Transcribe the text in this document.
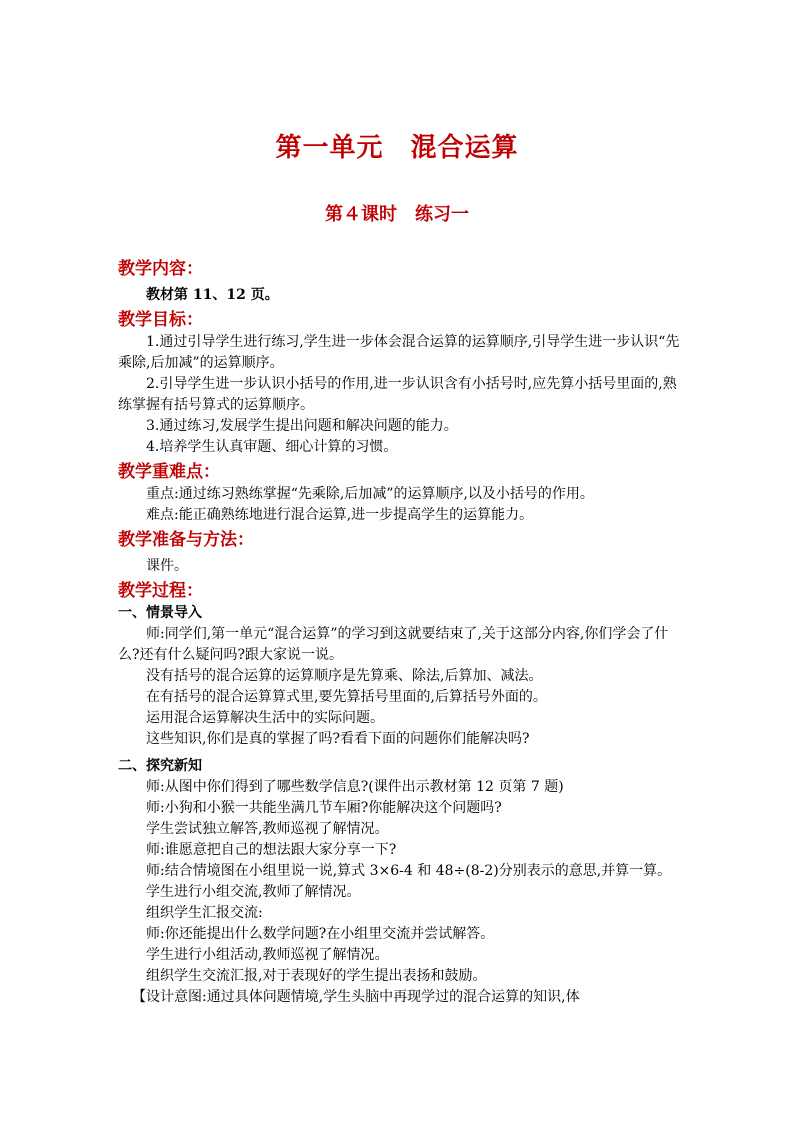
第一单元　混合运算
第４课时　练习一
教学内容：

教材第 11、12 页。

教学目标：

1.通过引导学生进行练习,学生进一步体会混合运算的运算顺序,引导学生进一步认识“先乘除,后加减”的运算顺序。

2.引导学生进一步认识小括号的作用,进一步认识含有小括号时,应先算小括号里面的,熟练掌握有括号算式的运算顺序。

3.通过练习,发展学生提出问题和解决问题的能力。

4.培养学生认真审题、细心计算的习惯。

教学重难点：

重点:通过练习熟练掌握“先乘除,后加减”的运算顺序,以及小括号的作用。

难点:能正确熟练地进行混合运算,进一步提高学生的运算能力。

教学准备与方法：

课件。

教学过程：
一、情景导入

师:同学们,第一单元“混合运算”的学习到这就要结束了,关于这部分内容,你们学会了什么?还有什么疑问吗?跟大家说一说。

没有括号的混合运算的运算顺序是先算乘、除法,后算加、减法。

在有括号的混合运算算式里,要先算括号里面的,后算括号外面的。

运用混合运算解决生活中的实际问题。

这些知识,你们是真的掌握了吗?看看下面的问题你们能解决吗?

二、探究新知

师:从图中你们得到了哪些数学信息?(课件出示教材第 12 页第 7 题)

师:小狗和小猴一共能坐满几节车厢?你能解决这个问题吗?

学生尝试独立解答,教师巡视了解情况。

师:谁愿意把自己的想法跟大家分享一下?

师:结合情境图在小组里说一说,算式 3×6-4 和 48÷(8-2)分别表示的意思,并算一算。

学生进行小组交流,教师了解情况。

组织学生汇报交流:

师:你还能提出什么数学问题?在小组里交流并尝试解答。

学生进行小组活动,教师巡视了解情况。

组织学生交流汇报,对于表现好的学生提出表扬和鼓励。

【设计意图:通过具体问题情境,学生头脑中再现学过的混合运算的知识,体
